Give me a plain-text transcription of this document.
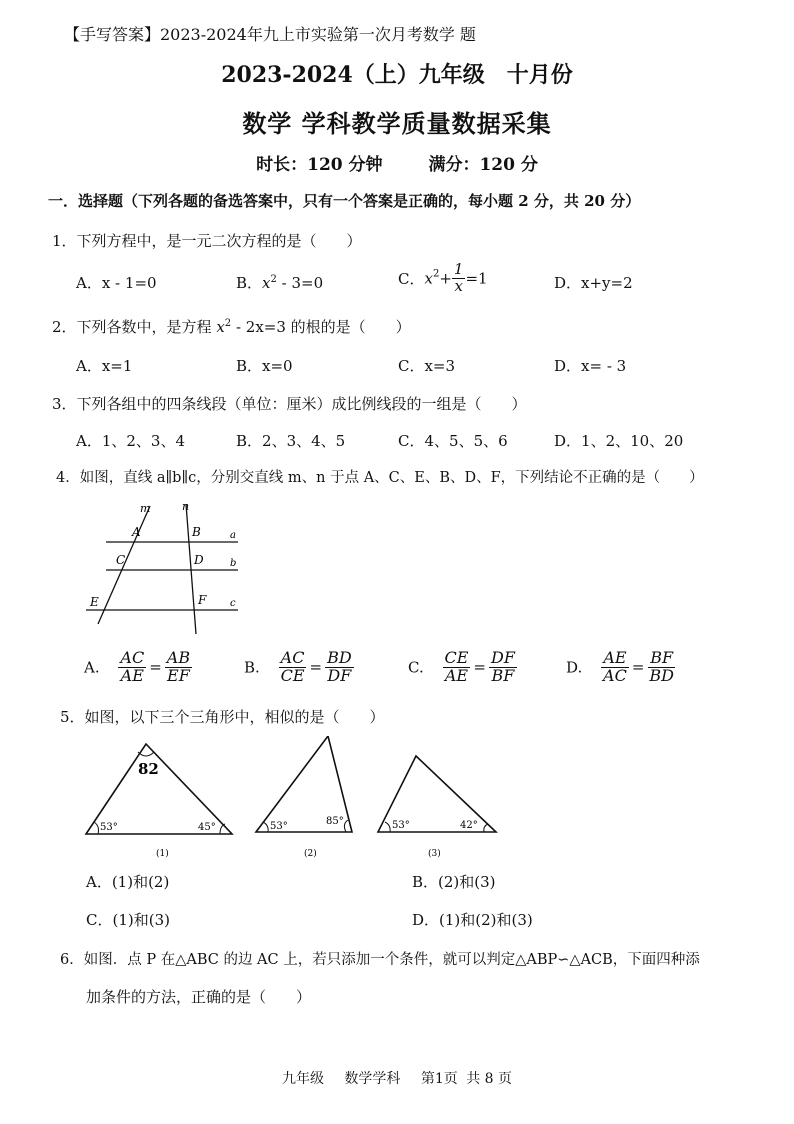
【手写答案】2023-2024年九上市实验第一次月考数学 题
2023-2024（上）九年级　十月份
数学 学科教学质量数据采集
时长：120 分钟	满分：120 分
一．选择题（下列各题的备选答案中，只有一个答案是正确的，每小题 2 分，共 20 分）
1．下列方程中，是一元二次方程的是（　　）
A．x - 1=0	B．$x^2 - 3=0$	C．$x^2+ \frac{1}{x} =1$	D．x+y=2
2．下列各数中，是方程 $x^2 - 2x=3$ 的根的是（　　）
A．x=1	B．x=0	C．x=3	D．x= - 3
3．下列各组中的四条线段（单位：厘米）成比例线段的一组是（　　）
A．1、2、3、4	B．2、3、4、5	C．4、5、5、6	D．1、2、10、20
4．如图，直线 a∥b∥c，分别交直线 m、n 于点 A、C、E、B、D、F，下列结论不正确的是（　　）
m	n
A	B
C	D
E	F
a
b
c
A. $\frac{AC}{AE} = \frac{AB}{EF}$	B. $\frac{AC}{CE} = \frac{BD}{DF}$	C. $\frac{CE}{AE} = \frac{DF}{BF}$	D. $\frac{AE}{AC} = \frac{BF}{BD}$
5．如图，以下三个三角形中，相似的是（　　）
82
53°	45°
(1)
53°	85°
(2)
53°	42°
(3)
A．(1)和(2)	B．(2)和(3)
C．(1)和(3)	D．(1)和(2)和(3)
6．如图．点 P 在△ABC 的边 AC 上，若只添加一个条件，就可以判定△ABP∽△ACB，下面四种添
加条件的方法，正确的是（　　）
九年级 数学学科 第1页 共 8 页
